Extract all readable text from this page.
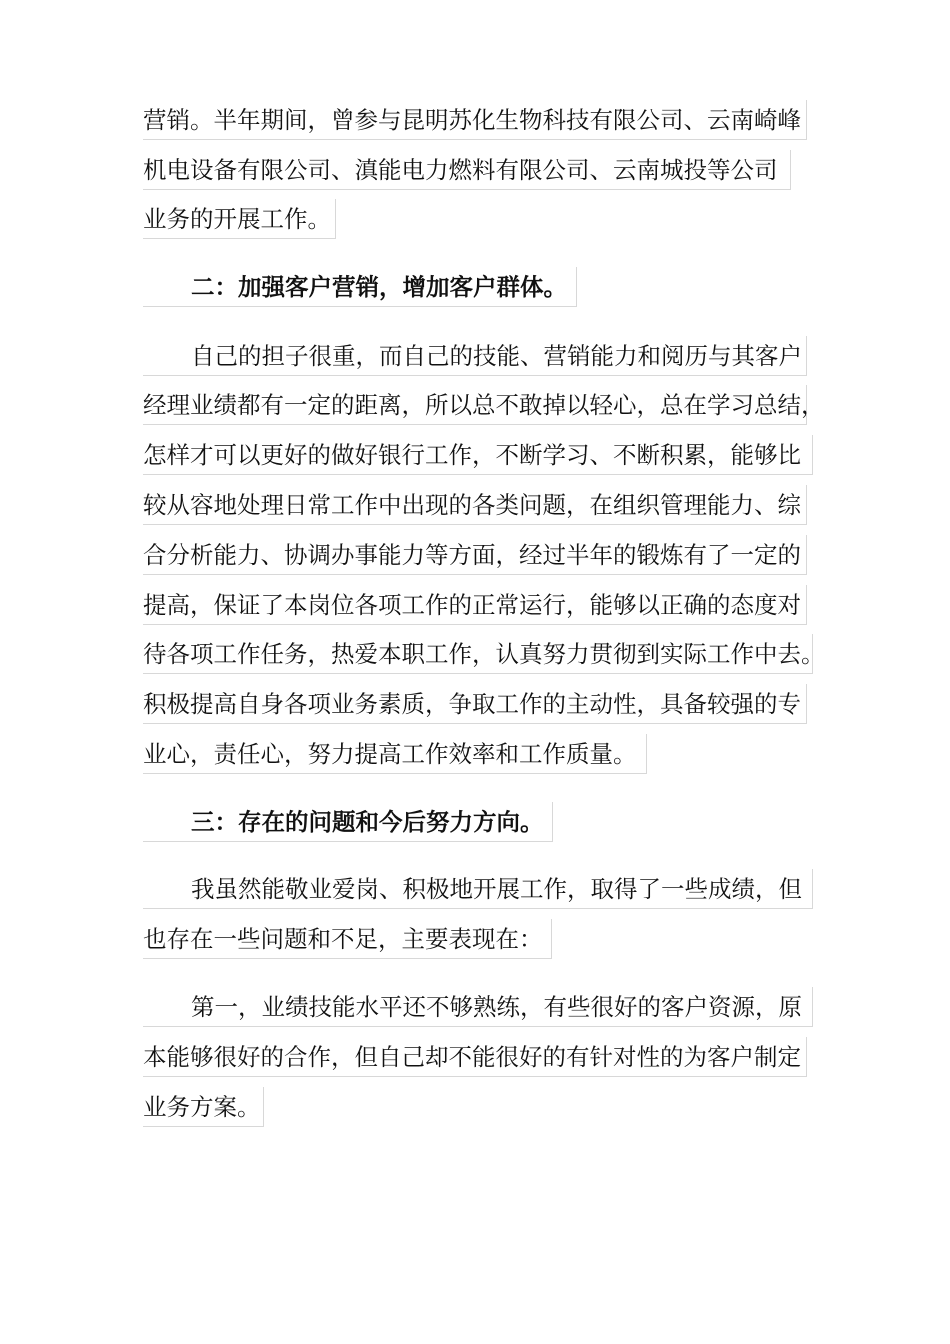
营销。半年期间，曾参与昆明苏化生物科技有限公司、云南崎峰
机电设备有限公司、滇能电力燃料有限公司、云南城投等公司
业务的开展工作。
二：加强客户营销，增加客户群体。
自己的担子很重，而自己的技能、营销能力和阅历与其客户
经理业绩都有一定的距离，所以总不敢掉以轻心，总在学习总结，
怎样才可以更好的做好银行工作，不断学习、不断积累，能够比
较从容地处理日常工作中出现的各类问题，在组织管理能力、综
合分析能力、协调办事能力等方面，经过半年的锻炼有了一定的
提高，保证了本岗位各项工作的正常运行，能够以正确的态度对
待各项工作任务，热爱本职工作，认真努力贯彻到实际工作中去。
积极提高自身各项业务素质，争取工作的主动性，具备较强的专
业心，责任心，努力提高工作效率和工作质量。
三：存在的问题和今后努力方向。
我虽然能敬业爱岗、积极地开展工作，取得了一些成绩，但
也存在一些问题和不足，主要表现在：
第一，业绩技能水平还不够熟练，有些很好的客户资源，原
本能够很好的合作，但自己却不能很好的有针对性的为客户制定
业务方案。
